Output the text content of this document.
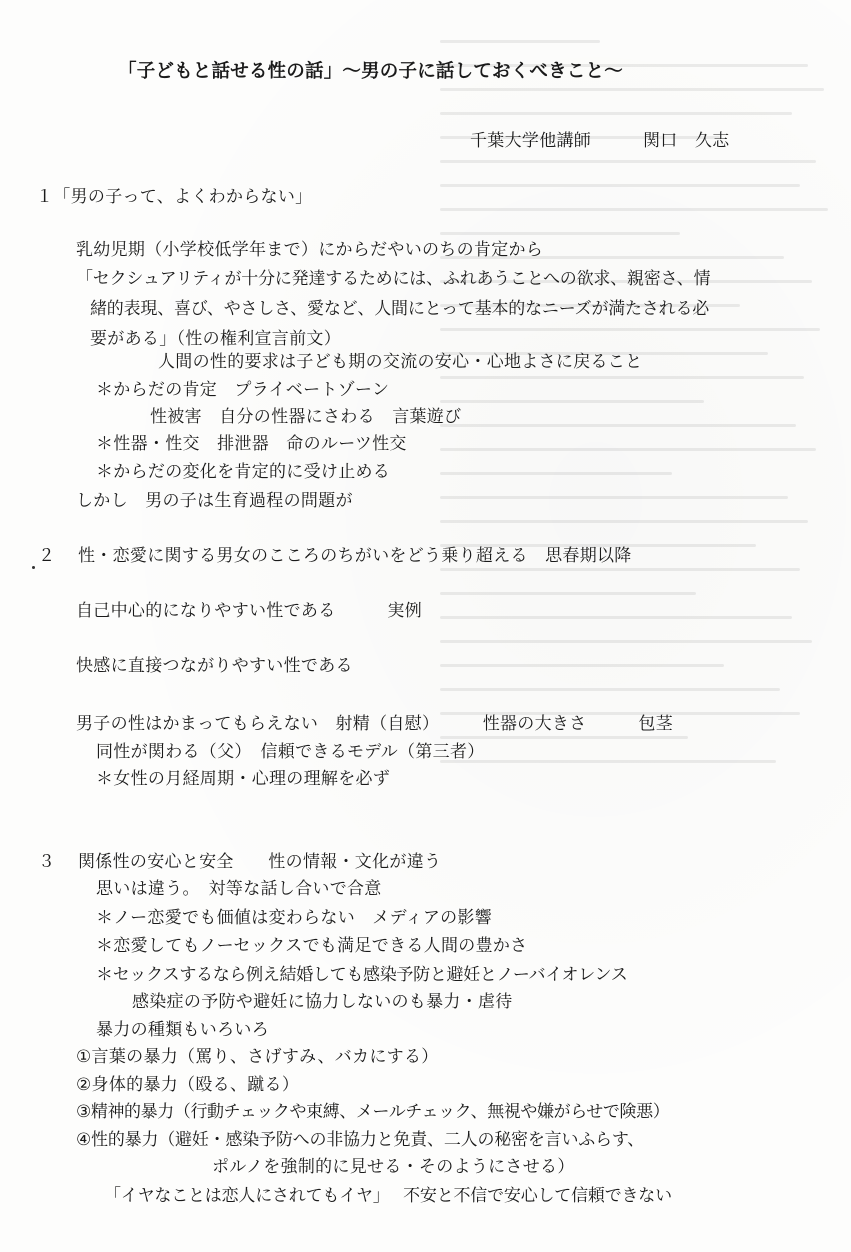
「子どもと話せる性の話」～男の子に話しておくべきこと～
千葉大学他講師　　　関口　久志
１「男の子って、よくわからない」
乳幼児期（小学校低学年まで）にからだやいのちの肯定から
「セクシュアリティが十分に発達するためには、ふれあうことへの欲求、親密さ、情
緒的表現、喜び、やさしさ、愛など、人間にとって基本的なニーズが満たされる必
要がある」（性の権利宣言前文）
人間の性的要求は子ども期の交流の安心・心地よさに戻ること
＊からだの肯定　プライベートゾーン
性被害　自分の性器にさわる　言葉遊び
＊性器・性交　排泄器　命のルーツ性交
＊からだの変化を肯定的に受け止める
しかし　男の子は生育過程の問題が
２ 性・恋愛に関する男女のこころのちがいをどう乗り超える　思春期以降
自己中心的になりやすい性である　　　実例
快感に直接つながりやすい性である
男子の性はかまってもらえない　射精（自慰）　　　性器の大きさ　　　包茎
同性が関わる（父）　信頼できるモデル（第三者）
＊女性の月経周期・心理の理解を必ず
３ 関係性の安心と安全　　性の情報・文化が違う
思いは違う。　対等な話し合いで合意
＊ノー恋愛でも価値は変わらない　メディアの影響
＊恋愛してもノーセックスでも満足できる人間の豊かさ
＊セックスするなら例え結婚しても感染予防と避妊とノーバイオレンス
感染症の予防や避妊に協力しないのも暴力・虐待
暴力の種類もいろいろ
①言葉の暴力（罵り、さげすみ、バカにする）
②身体的暴力（殴る、蹴る）
③精神的暴力（行動チェックや束縛、メールチェック、無視や嫌がらせで険悪）
④性的暴力（避妊・感染予防への非協力と免責、二人の秘密を言いふらす、
ポルノを強制的に見せる・そのようにさせる）
「イヤなことは恋人にされてもイヤ」　 不安と不信で安心して信頼できない
